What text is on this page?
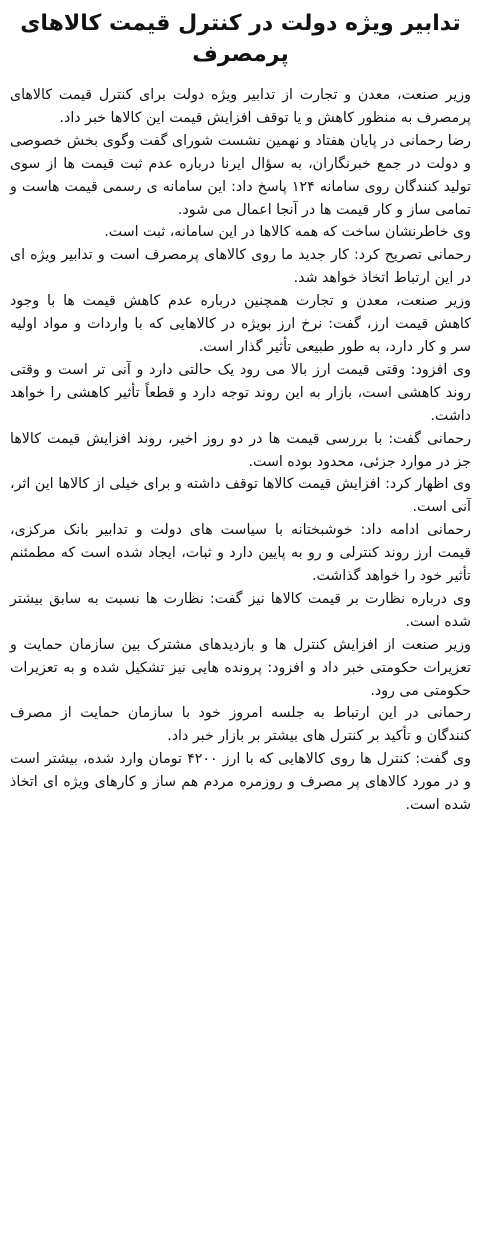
تدابیر ویژه دولت در کنترل قیمت کالاهای پرمصرف

وزیر صنعت، معدن و تجارت از تدابیر ویژه دولت برای کنترل قیمت کالاهای پرمصرف به منظور کاهش و یا توقف افزایش قیمت این کالاها خبر داد.

رضا رحمانی در پایان هفتاد و نهمین نشست شورای گفت وگوی بخش خصوصی و دولت در جمع خبرنگاران، به سؤال ایرنا درباره عدم ثبت قیمت ها از سوی تولید کنندگان روی سامانه ۱۲۴ پاسخ داد: این سامانه ی رسمی قیمت هاست و تمامی ساز و کار قیمت ها در آنجا اعمال می شود.

وی خاطرنشان ساخت که همه کالاها در این سامانه، ثبت است.

رحمانی تصریح کرد: کار جدید ما روی کالاهای پرمصرف است و تدابیر ویژه ای در این ارتباط اتخاذ خواهد شد.

وزیر صنعت، معدن و تجارت همچنین درباره عدم کاهش قیمت ها با وجود کاهش قیمت ارز، گفت: نرخ ارز بویژه در کالاهایی که با واردات و مواد اولیه سر و کار دارد، به طور طبیعی تأثیر گذار است.

وی افزود: وقتی قیمت ارز بالا می رود یک حالتی دارد و آنی تر است و وقتی روند کاهشی است، بازار به این روند توجه دارد و قطعاً تأثیر کاهشی را خواهد داشت.

رحمانی گفت: با بررسی قیمت ها در دو روز اخیر، روند افزایش قیمت کالاها جز در موارد جزئی، محدود بوده است.

وی اظهار کرد: افزایش قیمت کالاها توقف داشته و برای خیلی از کالاها این اثر، آنی است.

رحمانی ادامه داد: خوشبختانه با سیاست های دولت و تدابیر بانک مرکزی، قیمت ارز روند کنترلی و رو به پایین دارد و ثبات، ایجاد شده است که مطمئنم تأثیر خود را خواهد گذاشت.

وی درباره نظارت بر قیمت کالاها نیز گفت: نظارت ها نسبت به سابق بیشتر شده است.

وزیر صنعت از افزایش کنترل ها و بازدیدهای مشترک بین سازمان حمایت و تعزیرات حکومتی خبر داد و افزود: پرونده هایی نیز تشکیل شده و به تعزیرات حکومتی می رود.

رحمانی در این ارتباط به جلسه امروز خود با سازمان حمایت از مصرف کنندگان و تأکید بر کنترل های بیشتر بر بازار خبر داد.

وی گفت: کنترل ها روی کالاهایی که با ارز ۴۲۰۰ تومان وارد شده، بیشتر است و در مورد کالاهای پر مصرف و روزمره مردم هم ساز و کارهای ویژه ای اتخاذ شده است.
